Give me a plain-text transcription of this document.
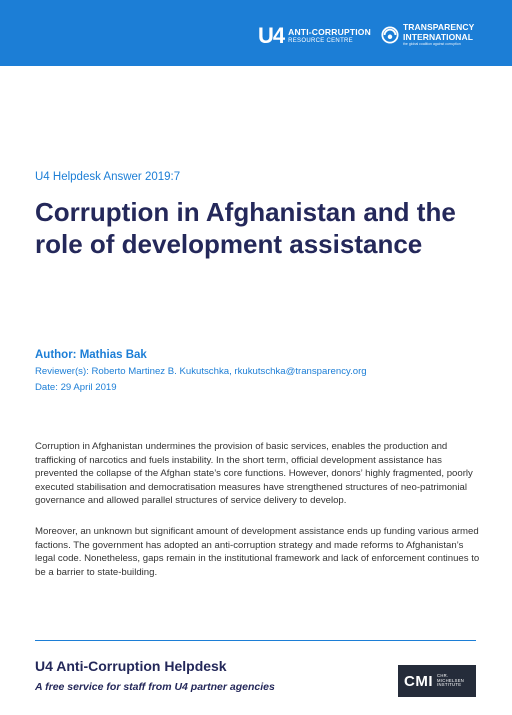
U4 ANTI-CORRUPTION
RESOURCE CENTRE
TRANSPARENCY
INTERNATIONAL
the global coalition against corruption
U4 Helpdesk Answer 2019:7
Corruption in Afghanistan and the role of development assistance
Author: Mathias Bak
Reviewer(s): Roberto Martinez B. Kukutschka, rkukutschka@transparency.org
Date: 29 April 2019

Corruption in Afghanistan undermines the provision of basic services, enables the production and trafficking of narcotics and fuels instability. In the short term, official development assistance has prevented the collapse of the Afghan state’s core functions. However, donors’ highly fragmented, poorly executed stabilisation and democratisation measures have strengthened structures of neo-patrimonial governance and allowed parallel structures of service delivery to develop.

Moreover, an unknown but significant amount of development assistance ends up funding various armed factions. The government has adopted an anti-corruption strategy and made reforms to Afghanistan’s legal code. Nonetheless, gaps remain in the institutional framework and lack of enforcement continues to be a barrier to state-building.

U4 Anti-Corruption Helpdesk
A free service for staff from U4 partner agencies	CMI CHR.
MICHELSEN
INSTITUTE
